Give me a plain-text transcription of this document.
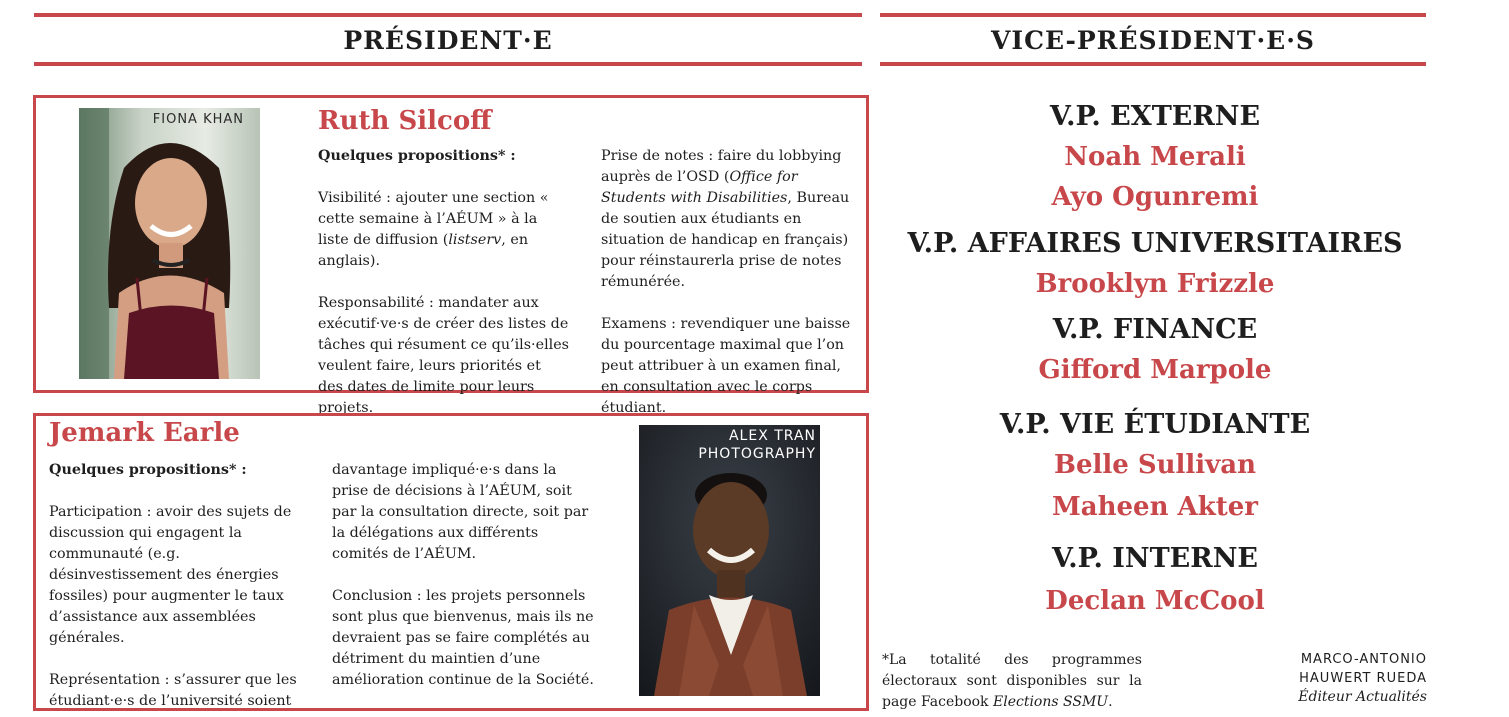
PRÉSIDENT·E	VICE-PRÉSIDENT·E·S
FIONA KHAN	Ruth Silcoff
Quelques propositions* :

Visibilité : ajouter une section « cette semaine à l’AÉUM » à la liste de diffusion (listserv, en anglais).

Responsabilité : mandater aux exécutif·ve·s de créer des listes de tâches qui résument ce qu’ils·elles veulent faire, leurs priorités et des dates de limite pour leurs projets.

Prise de notes : faire du lobbying auprès de l’OSD (Office for Students with Disabilities, Bureau de soutien aux étudiants en situation de handicap en français) pour réinstaurerla prise de notes rémunérée.

Examens : revendiquer une baisse du pourcentage maximal que l’on peut attribuer à un examen final, en consultation avec le corps étudiant.

Jemark Earle
Quelques propositions* :

Participation : avoir des sujets de discussion qui engagent la communauté (e.g. désinvestissement des énergies fossiles) pour augmenter le taux d’assistance aux assemblées générales.

Représentation : s’assurer que les étudiant·e·s de l’université soient

davantage impliqué·e·s dans la prise de décisions à l’AÉUM, soit par la consultation directe, soit par la délégations aux différents comités de l’AÉUM.

Conclusion : les projets personnels sont plus que bienvenus, mais ils ne devraient pas se faire complétés au détriment du maintien d’une amélioration continue de la Société.

ALEX TRAN
PHOTOGRAPHY
V.P. EXTERNE
Noah Merali
Ayo Ogunremi
V.P. AFFAIRES UNIVERSITAIRES
Brooklyn Frizzle
V.P. FINANCE
Gifford Marpole
V.P. VIE ÉTUDIANTE
Belle Sullivan
Maheen Akter
V.P. INTERNE
Declan McCool
*La totalité des programmes électoraux sont disponibles sur la page Facebook Elections SSMU.
MARCO-ANTONIO
HAUWERT RUEDA
Éditeur Actualités
